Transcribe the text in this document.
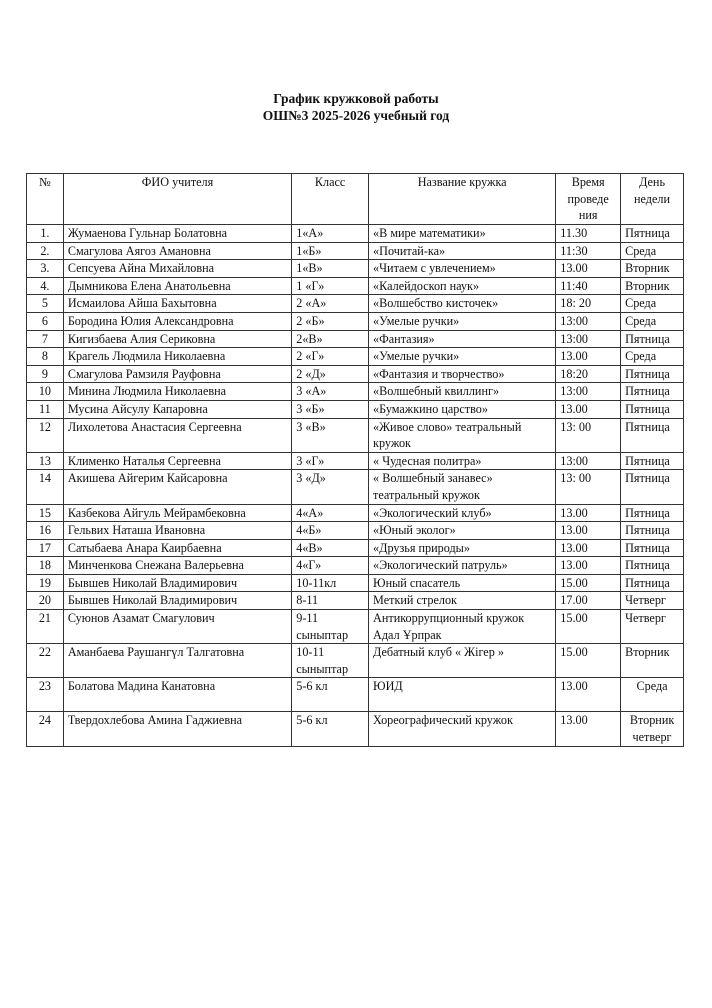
График кружковой работы
ОШ№3 2025-2026 учебный год
№	ФИО учителя	Класс	Название кружка	Время проведе ния	День недели
1.	Жумаенова Гульнар Болатовна	1«А»	«В мире математики»	11.30	Пятница
2.	Смагулова Аягоз Амановна	1«Б»	«Почитай-ка»	11:30	Среда
3.	Сепсуева Айна Михайловна	1«В»	«Читаем с увлечением»	13.00	Вторник
4.	Дымникова Елена Анатольевна	1 «Г»	«Калейдоскоп наук»	11:40	Вторник
5	Исмаилова Айша Бахытовна	2 «А»	«Волшебство кисточек»	18: 20	Среда
6	Бородина Юлия Александровна	2 «Б»	«Умелые ручки»	13:00	Среда
7	Кигизбаева Алия Сериковна	2«В»	«Фантазия»	13:00	Пятница
8	Крагель Людмила Николаевна	2 «Г»	«Умелые ручки»	13.00	Среда
9	Смагулова Рамзиля Рауфовна	2 «Д»	«Фантазия и творчество»	18:20	Пятница
10	Минина Людмила Николаевна	3 «А»	«Волшебный квиллинг»	13:00	Пятница
11	Мусина Айсулу Капаровна	3 «Б»	«Бумажкино царство»	13.00	Пятница
12	Лихолетова Анастасия Сергеевна	3 «В»	«Живое слово» театральный кружок	13: 00	Пятница
13	Клименко Наталья Сергеевна	3 «Г»	« Чудесная политра»	13:00	Пятница
14	Акишева Айгерим Кайсаровна	3 «Д»	« Волшебный занавес» театральный кружок	13: 00	Пятница
15	Казбекова Айгуль Мейрамбековна	4«А»	«Экологический клуб»	13.00	Пятница
16	Гельвих Наташа Ивановна	4«Б»	«Юный эколог»	13.00	Пятница
17	Сатыбаева Анара Каирбаевна	4«В»	«Друзья природы»	13.00	Пятница
18	Минченкова Снежана Валерьевна	4«Г»	«Экологический патруль»	13.00	Пятница
19	Бывшев Николай Владимирович	10-11кл	Юный спасатель	15.00	Пятница
20	Бывшев Николай Владимирович	8-11	Меткий стрелок	17.00	Четверг
21	Суюнов Азамат Смагулович	9-11 сыныптар	Антикоррупционный кружок Адал Ұрпрак	15.00	Четверг
22	Аманбаева Раушангүл Талгатовна	10-11 сыныптар	Дебатный клуб « Жігер »	15.00	Вторник
23	Болатова Мадина Канатовна	5-6 кл	ЮИД	13.00	Среда
24	Твердохлебова Амина Гаджиевна	5-6 кл	Хореографический кружок	13.00	Вторник четверг
